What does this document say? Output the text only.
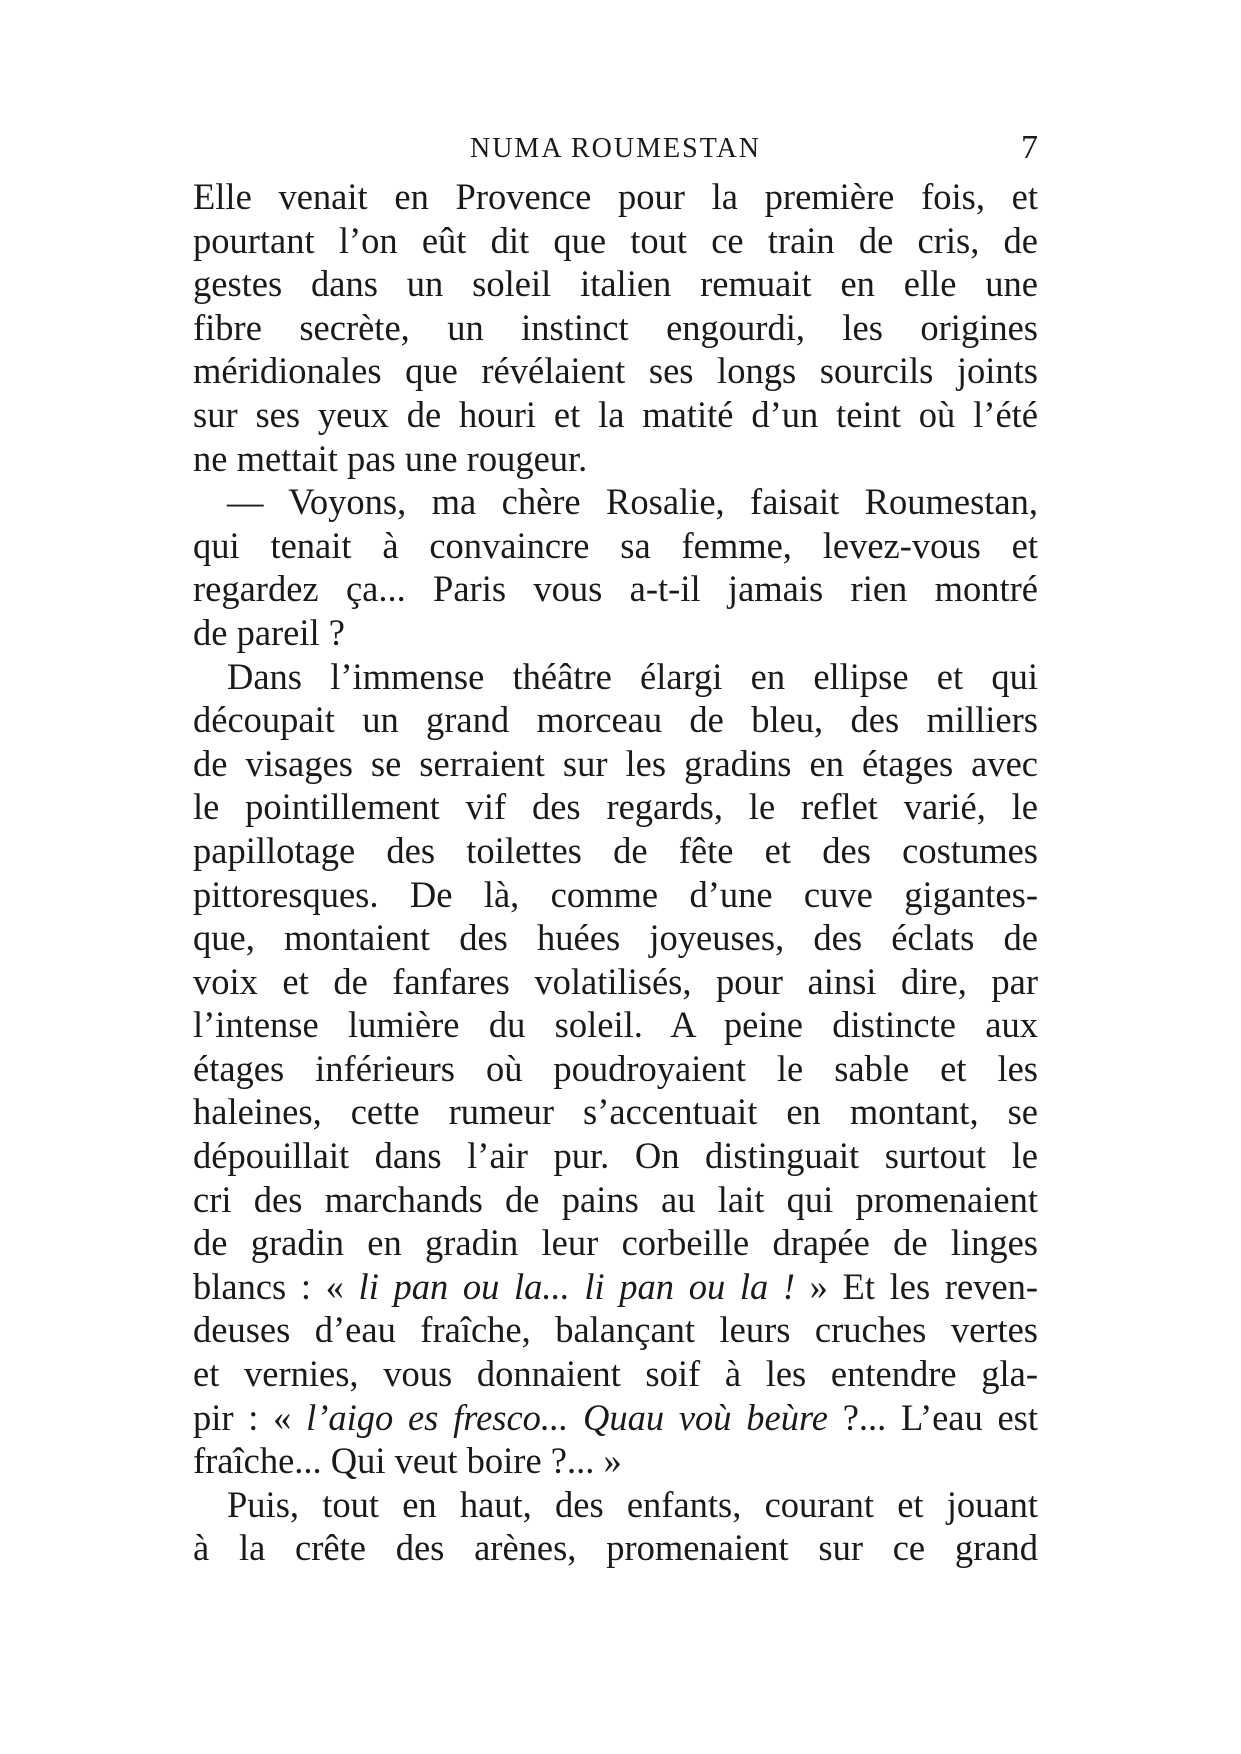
NUMA ROUMESTAN	7

Elle venait en Provence pour la première fois, et
pourtant l’on eût dit que tout ce train de cris, de
gestes dans un soleil italien remuait en elle une
fibre secrète, un instinct engourdi, les origines
méridionales que révélaient ses longs sourcils joints
sur ses yeux de houri et la matité d’un teint où l’été
ne mettait pas une rougeur.

— Voyons, ma chère Rosalie, faisait Roumestan,
qui tenait à convaincre sa femme, levez-vous et
regardez ça... Paris vous a-t-il jamais rien montré
de pareil ?

Dans l’immense théâtre élargi en ellipse et qui
découpait un grand morceau de bleu, des milliers
de visages se serraient sur les gradins en étages avec
le pointillement vif des regards, le reflet varié, le
papillotage des toilettes de fête et des costumes
pittoresques. De là, comme d’une cuve gigantes-
que, montaient des huées joyeuses, des éclats de
voix et de fanfares volatilisés, pour ainsi dire, par
l’intense lumière du soleil. A peine distincte aux
étages inférieurs où poudroyaient le sable et les
haleines, cette rumeur s’accentuait en montant, se
dépouillait dans l’air pur. On distinguait surtout le
cri des marchands de pains au lait qui promenaient
de gradin en gradin leur corbeille drapée de linges
blancs : « li pan ou la... li pan ou la ! » Et les reven-
deuses d’eau fraîche, balançant leurs cruches vertes
et vernies, vous donnaient soif à les entendre gla-
pir : « l’aigo es fresco... Quau voù beùre ?... L’eau est
fraîche... Qui veut boire ?... »

Puis, tout en haut, des enfants, courant et jouant
à la crête des arènes, promenaient sur ce grand
